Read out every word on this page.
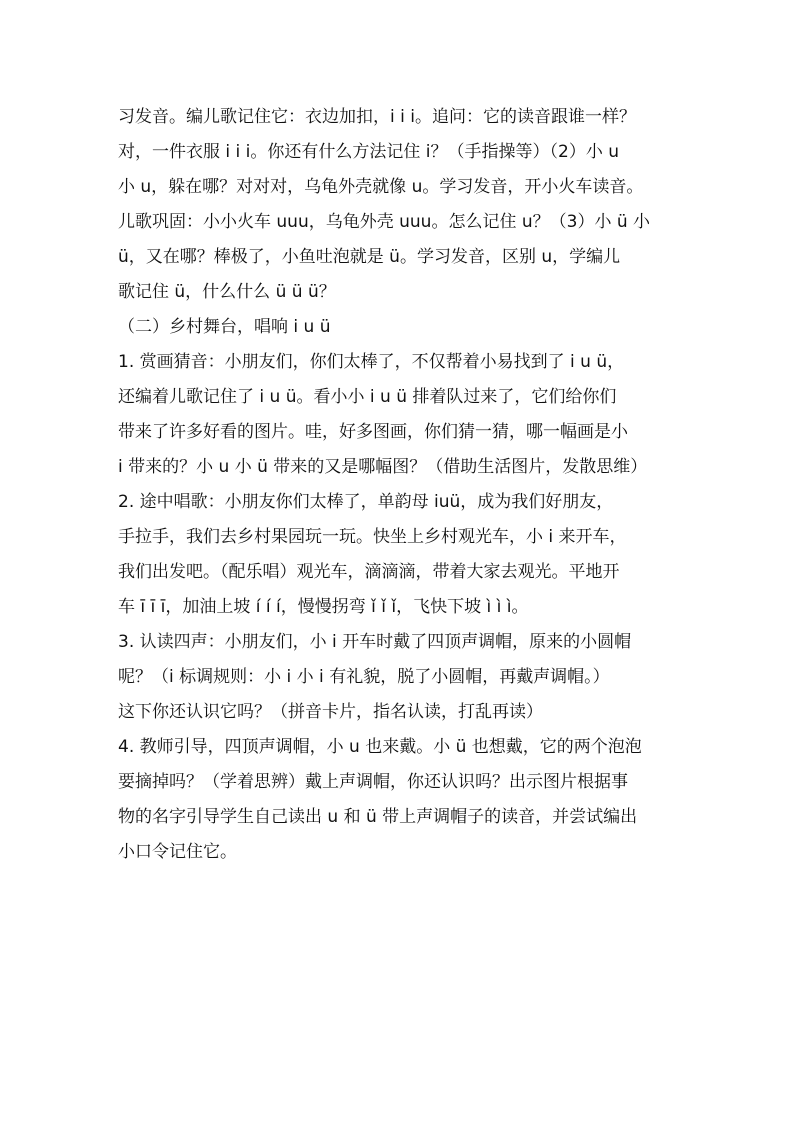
习发音。编儿歌记住它：衣边加扣，i i i。追问：它的读音跟谁一样？
对，一件衣服 i i i。你还有什么方法记住 i？（手指操等）（2）小 u
小 u，躲在哪？对对对，乌龟外壳就像 u。学习发音，开小火车读音。
儿歌巩固：小小火车 uuu，乌龟外壳 uuu。怎么记住 u？（3）小 ü 小
ü，又在哪？棒极了，小鱼吐泡就是 ü。学习发音，区别 u，学编儿
歌记住 ü，什么什么 ü ü ü？
（二）乡村舞台，唱响 i u ü
1. 赏画猜音：小朋友们，你们太棒了，不仅帮着小易找到了 i u ü，
还编着儿歌记住了 i u ü。看小小 i u ü 排着队过来了，它们给你们
带来了许多好看的图片。哇，好多图画，你们猜一猜，哪一幅画是小
i 带来的？小 u 小 ü 带来的又是哪幅图？（借助生活图片，发散思维）
2. 途中唱歌：小朋友你们太棒了，单韵母 iuü，成为我们好朋友，
手拉手，我们去乡村果园玩一玩。快坐上乡村观光车，小 i 来开车，
我们出发吧。（配乐唱）观光车，滴滴滴，带着大家去观光。平地开
车 ī ī ī，加油上坡 í í í，慢慢拐弯 ǐ ǐ ǐ，飞快下坡 ì ì ì。
3. 认读四声：小朋友们，小 i 开车时戴了四顶声调帽，原来的小圆帽
呢？（i 标调规则：小 i 小 i 有礼貌，脱了小圆帽，再戴声调帽。）
这下你还认识它吗？（拼音卡片，指名认读，打乱再读）
4. 教师引导，四顶声调帽，小 u 也来戴。小 ü 也想戴，它的两个泡泡
要摘掉吗？（学着思辨）戴上声调帽，你还认识吗？出示图片根据事
物的名字引导学生自己读出 u 和 ü 带上声调帽子的读音，并尝试编出
小口令记住它。
